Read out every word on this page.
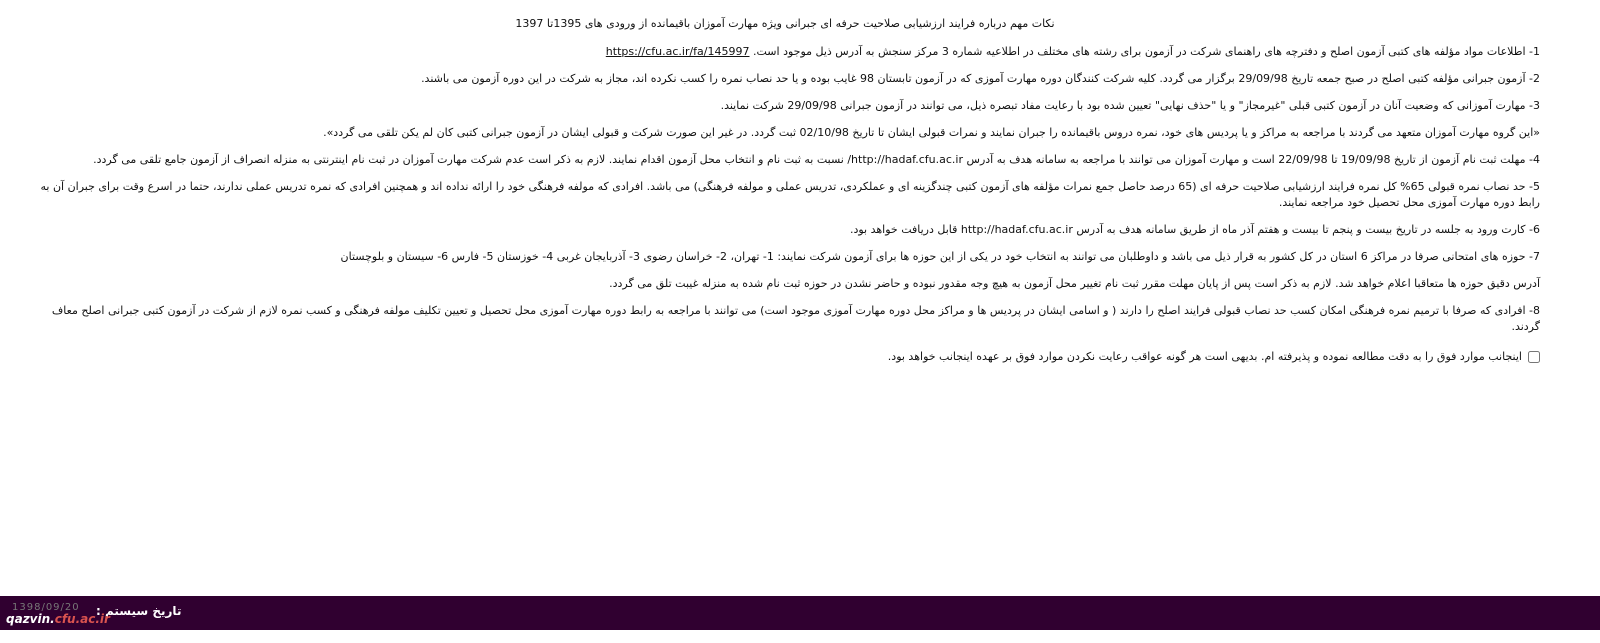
نکات مهم درباره فرایند ارزشیابی صلاحیت حرفه ای جبرانی ویژه مهارت آموزان باقیمانده از ورودی های 1395تا 1397
1- اطلاعات مواد مؤلفه های کتبی آزمون اصلح و دفترچه های راهنمای شرکت در آزمون برای رشته های مختلف در اطلاعیه شماره 3 مرکز سنجش به آدرس ذیل موجود است. https://cfu.ac.ir/fa/145997
2- آزمون جبرانی مؤلفه کتبی اصلح در صبح جمعه تاریخ 29/09/98 برگزار می گردد. کلیه شرکت کنندگان دوره مهارت آموزی که در آزمون تابستان 98 غایب بوده و یا حد نصاب نمره را کسب نکرده اند، مجاز به شرکت در این دوره آزمون می باشند.
3- مهارت آموزانی که وضعیت آنان در آزمون کتبی قبلی "غیرمجاز" و یا "حذف نهایی" تعیین شده بود با رعایت مفاد تبصره ذیل، می توانند در آزمون جبرانی 29/09/98 شرکت نمایند.
«این گروه مهارت آموزان متعهد می گردند با مراجعه به مراکز و یا پردیس های خود، نمره دروس باقیمانده را جبران نمایند و نمرات قبولی ایشان تا تاریخ 02/10/98 ثبت گردد. در غیر این صورت شرکت و قبولی ایشان در آزمون جبرانی کتبی کان لم یکن تلقی می گردد».
4- مهلت ثبت نام آزمون از تاریخ 19/09/98 تا 22/09/98 است و مهارت آموزان می توانند با مراجعه به سامانه هدف به آدرس http://hadaf.cfu.ac.ir/ نسبت به ثبت نام و انتخاب محل آزمون اقدام نمایند. لازم به ذکر است عدم شرکت مهارت آموزان در ثبت نام اینترنتی به منزله انصراف از آزمون جامع تلقی می گردد.
5- حد نصاب نمره قبولی 65% کل نمره فرایند ارزشیابی صلاحیت حرفه ای (65 درصد حاصل جمع نمرات مؤلفه های آزمون کتبی چندگزینه ای و عملکردی، تدریس عملی و مولفه فرهنگی) می باشد. افرادی که مولفه فرهنگی خود را ارائه نداده اند و همچنین افرادی که نمره تدریس عملی ندارند، حتما در اسرع وقت برای جبران آن به رابط دوره مهارت آموزی محل تحصیل خود مراجعه نمایند.
6- کارت ورود به جلسه در تاریخ بیست و پنجم تا بیست و هفتم آذر ماه از طریق سامانه هدف به آدرس http://hadaf.cfu.ac.ir قابل دریافت خواهد بود.
7- حوزه های امتحانی صرفا در مراکز 6 استان در کل کشور به قرار ذیل می باشد و داوطلبان می توانند به انتخاب خود در یکی از این حوزه ها برای آزمون شرکت نمایند: 1- تهران، 2- خراسان رضوی 3- آذربایجان غربی 4- خوزستان 5- فارس 6- سیستان و بلوچستان
آدرس دقیق حوزه ها متعاقبا اعلام خواهد شد. لازم به ذکر است پس از پایان مهلت مقرر ثبت نام تغییر محل آزمون به هیچ وجه مقدور نبوده و حاضر نشدن در حوزه ثبت نام شده به منزله غیبت تلق می گردد.
8- افرادی که صرفا با ترمیم نمره فرهنگی امکان کسب حد نصاب قبولی فرایند اصلح را دارند ( و اسامی ایشان در پردیس ها و مراکز محل دوره مهارت آموزی موجود است) می توانند با مراجعه به رابط دوره مهارت آموزی محل تحصیل و تعیین تکلیف مولفه فرهنگی و کسب نمره لازم از شرکت در آزمون کتبی جبرانی اصلح معاف گردند.
اینجانب موارد فوق را به دقت مطالعه نموده و پذیرفته ام. بدیهی است هر گونه عواقب رعایت نکردن موارد فوق بر عهده اینجانب خواهد بود.
تاریخ سیستم :
1398/09/20
qazvin.cfu.ac.ir
